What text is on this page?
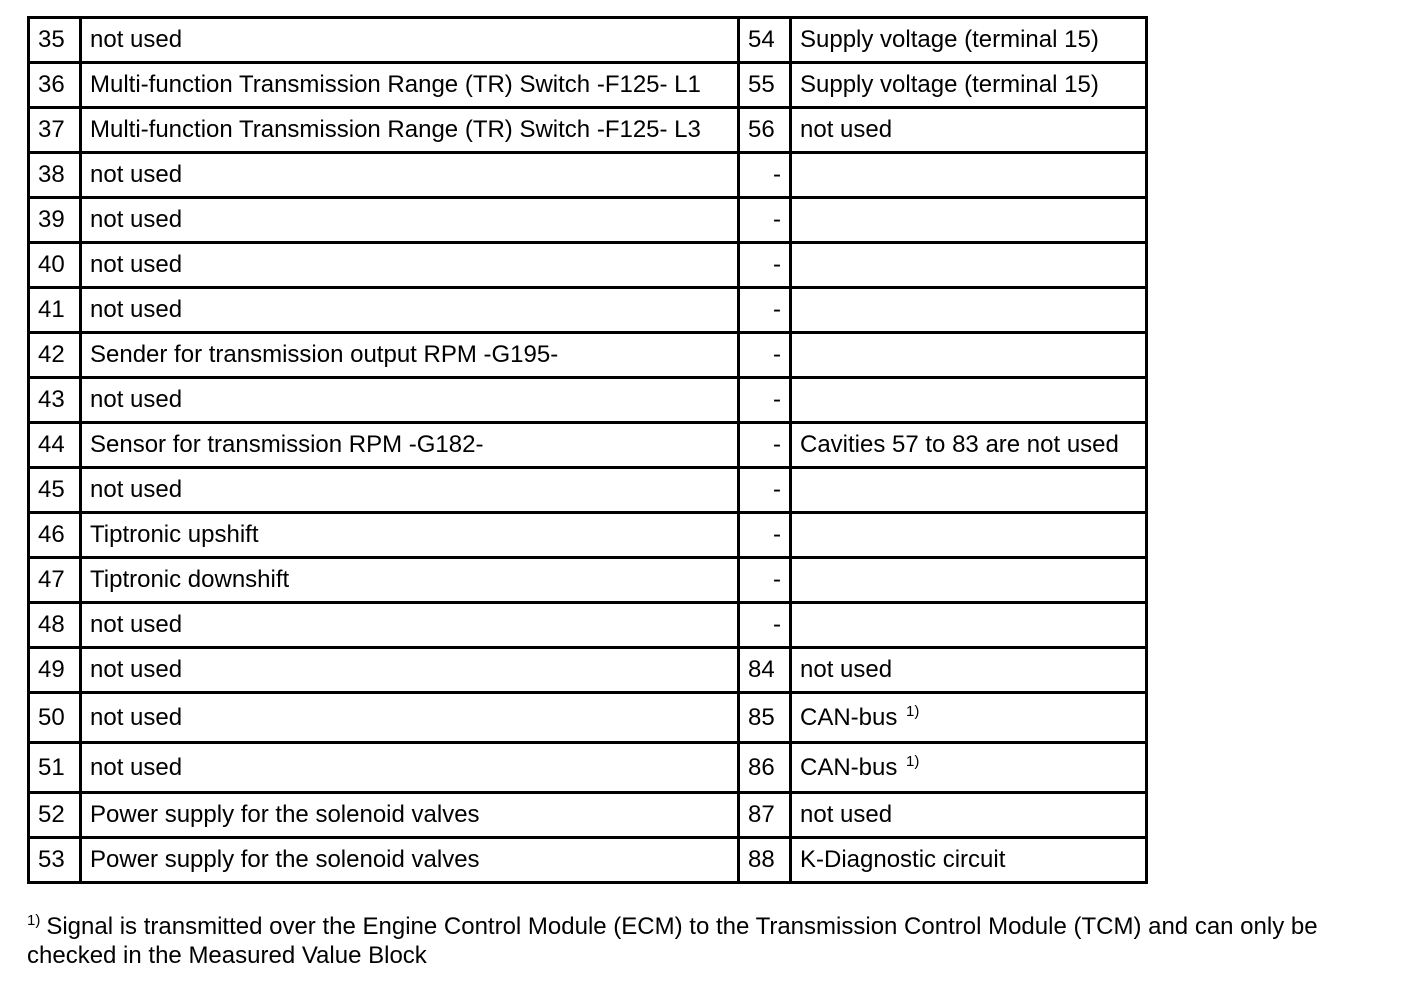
35	not used	54	Supply voltage (terminal 15)
36	Multi-function Transmission Range (TR) Switch -F125- L1	55	Supply voltage (terminal 15)
37	Multi-function Transmission Range (TR) Switch -F125- L3	56	not used
38	not used	-	
39	not used	-	
40	not used	-	
41	not used	-	
42	Sender for transmission output RPM -G195-	-	
43	not used	-	
44	Sensor for transmission RPM -G182-	-	Cavities 57 to 83 are not used
45	not used	-	
46	Tiptronic upshift	-	
47	Tiptronic downshift	-	
48	not used	-	
49	not used	84	not used
50	not used	85	CAN-bus $^{1)}$
51	not used	86	CAN-bus $^{1)}$
52	Power supply for the solenoid valves	87	not used
53	Power supply for the solenoid valves	88	K-Diagnostic circuit
$^{1)}$ Signal is transmitted over the Engine Control Module (ECM) to the Transmission Control Module (TCM) and can only be checked in the Measured Value Block
